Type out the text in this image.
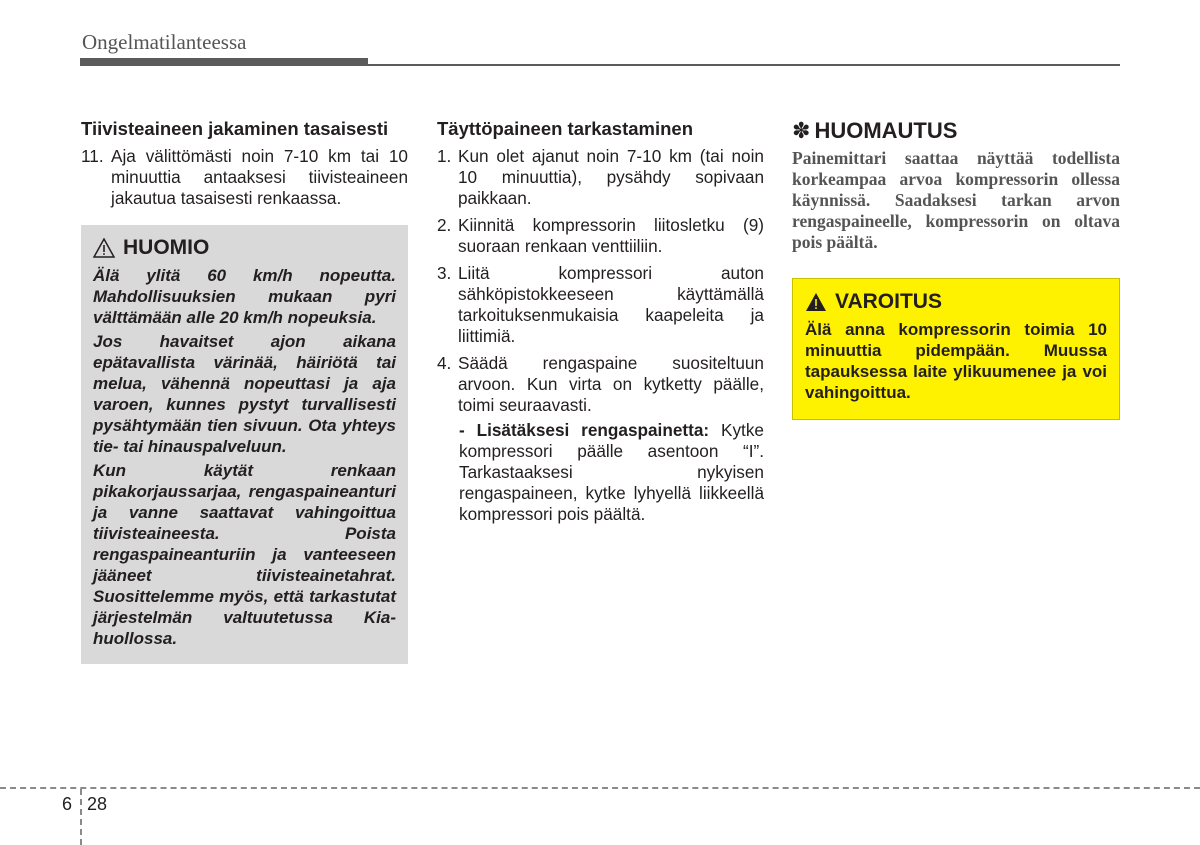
Ongelmatilanteessa
Tiivisteaineen jakaminen tasaisesti
11. Aja välittömästi noin 7-10 km tai 10 minuuttia antaaksesi tiivisteaineen jakautua tasaisesti renkaassa.
HUOMIO

Älä ylitä 60 km/h nopeutta. Mahdollisuuksien mukaan pyri välttämään alle 20 km/h nopeuksia.

Jos havaitset ajon aikana epätavallista värinää, häiriötä tai melua, vähennä nopeuttasi ja aja varoen, kunnes pystyt turvallisesti pysähtymään tien sivuun. Ota yhteys tie- tai hinauspalveluun.

Kun käytät renkaan pikakorjaussarjaa, rengaspaineanturi ja vanne saattavat vahingoittua tiivisteaineesta. Poista rengaspaineanturiin ja vanteeseen jääneet tiivisteainetahrat. Suosittelemme myös, että tarkastutat järjestelmän valtuutetussa Kia-huollossa.

Täyttöpaineen tarkastaminen
1. Kun olet ajanut noin 7-10 km (tai noin 10 minuuttia), pysähdy sopivaan paikkaan.
2. Kiinnitä kompressorin liitosletku (9) suoraan renkaan venttiiliin.
3. Liitä kompressori auton sähköpistokkeeseen käyttämällä tarkoituksenmukaisia kaapeleita ja liittimiä.
4. Säädä rengaspaine suositeltuun arvoon. Kun virta on kytketty päälle, toimi seuraavasti.
- Lisätäksesi rengaspainetta: Kytke kompressori päälle asentoon “I”. Tarkastaaksesi nykyisen rengaspaineen, kytke lyhyellä liikkeellä kompressori pois päältä.
✽ HUOMAUTUS

Painemittari saattaa näyttää todellista korkeampaa arvoa kompressorin ollessa käynnissä. Saadaksesi tarkan arvon rengaspaineelle, kompressorin on oltava pois päältä.

VAROITUS

Älä anna kompressorin toimia 10 minuuttia pidempään. Muussa tapauksessa laite ylikuumenee ja voi vahingoittua.

6 28
